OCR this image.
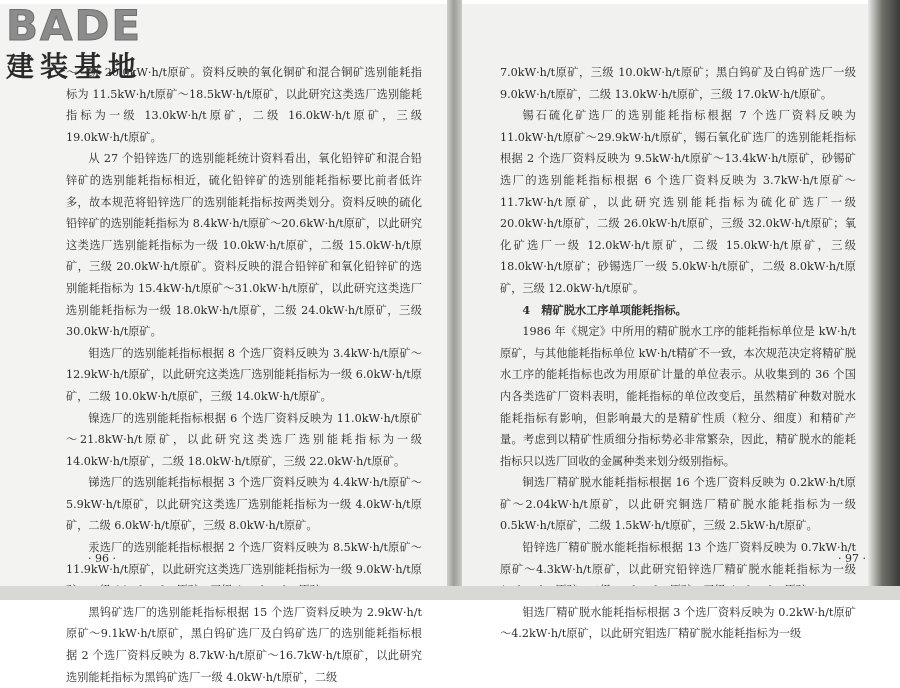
～三级 20.0kW·h/t原矿。资料反映的氧化铜矿和混合铜矿选别能耗指标为 11.5kW·h/t原矿～18.5kW·h/t原矿，以此研究这类选厂选别能耗指标为一级 13.0kW·h/t原矿，二级 16.0kW·h/t原矿，三级 19.0kW·h/t原矿。

从 27 个铅锌选厂的选别能耗统计资料看出，氧化铅锌矿和混合铅锌矿的选别能耗指标相近，硫化铅锌矿的选别能耗指标要比前者低许多，故本规范将铅锌选厂的选别能耗指标按两类划分。资料反映的硫化铅锌矿的选别能耗指标为 8.4kW·h/t原矿～20.6kW·h/t原矿，以此研究这类选厂选别能耗指标为一级 10.0kW·h/t原矿，二级 15.0kW·h/t原矿，三级 20.0kW·h/t原矿。资料反映的混合铅锌矿和氧化铅锌矿的选别能耗指标为 15.4kW·h/t原矿～31.0kW·h/t原矿，以此研究这类选厂选别能耗指标为一级 18.0kW·h/t原矿，二级 24.0kW·h/t原矿，三级 30.0kW·h/t原矿。

钼选厂的选别能耗指标根据 8 个选厂资料反映为 3.4kW·h/t原矿～12.9kW·h/t原矿，以此研究这类选厂选别能耗指标为一级 6.0kW·h/t原矿，二级 10.0kW·h/t原矿，三级 14.0kW·h/t原矿。

镍选厂的选别能耗指标根据 6 个选厂资料反映为 11.0kW·h/t原矿～21.8kW·h/t原矿，以此研究这类选厂选别能耗指标为一级 14.0kW·h/t原矿，二级 18.0kW·h/t原矿，三级 22.0kW·h/t原矿。

锑选厂的选别能耗指标根据 3 个选厂资料反映为 4.4kW·h/t原矿～5.9kW·h/t原矿，以此研究这类选厂选别能耗指标为一级 4.0kW·h/t原矿，二级 6.0kW·h/t原矿，三级 8.0kW·h/t原矿。

汞选厂的选别能耗指标根据 2 个选厂资料反映为 8.5kW·h/t原矿～11.9kW·h/t原矿，以此研究这类选厂选别能耗指标为一级 9.0kW·h/t原

黑钨矿选厂的选别能耗指标根据 15 个选厂资料反映为 2.9kW·h/t原矿～9.1kW·h/t原矿，黑白钨矿选厂及白钨矿选厂的选别能耗指标根据 2 个选厂资料反映为 8.7kW·h/t原矿～16.7kW·h/t原矿，以此研究选别能耗指标为黑钨矿选厂一级 4.0kW·h/t原矿，二级

· 96 ·

7.0kW·h/t原矿，三级 10.0kW·h/t原矿；黑白钨矿及白钨矿选厂一级 9.0kW·h/t原矿，二级 13.0kW·h/t原矿，三级 17.0kW·h/t原矿。

锡石硫化矿选厂的选别能耗指标根据 7 个选厂资料反映为 11.0kW·h/t原矿～29.9kW·h/t原矿，锡石氧化矿选厂的选别能耗指标根据 2 个选厂资料反映为 9.5kW·h/t原矿～13.4kW·h/t原矿，砂锡矿选厂的选别能耗指标根据 6 个选厂资料反映为 3.7kW·h/t原矿～11.7kW·h/t原矿，以此研究选别能耗指标为硫化矿选厂一级 20.0kW·h/t原矿，二级 26.0kW·h/t原矿，三级 32.0kW·h/t原矿；氧化矿选厂一级 12.0kW·h/t原矿，二级 15.0kW·h/t原矿，三级 18.0kW·h/t原矿；砂锡选厂一级 5.0kW·h/t原矿，二级 8.0kW·h/t原矿，三级 12.0kW·h/t原矿。

4　精矿脱水工序单项能耗指标。

1986 年《规定》中所用的精矿脱水工序的能耗指标单位是 kW·h/t原矿，与其他能耗指标单位 kW·h/t精矿不一致，本次规范决定将精矿脱水工序的能耗指标也改为用原矿计量的单位表示。从收集到的 36 个国内各类选矿厂资料表明，能耗指标的单位改变后，虽然精矿种数对脱水能耗指标有影响，但影响最大的是精矿性质（粒分、细度）和精矿产量。考虑到以精矿性质细分指标势必非常繁杂，因此，精矿脱水的能耗指标只以选厂回收的金属种类来划分级别指标。

铜选厂精矿脱水能耗指标根据 16 个选厂资料反映为 0.2kW·h/t原矿～2.04kW·h/t原矿，以此研究铜选厂精矿脱水能耗指标为一级 0.5kW·h/t原矿，二级 1.5kW·h/t原矿，三级 2.5kW·h/t原矿。

铅锌选厂精矿脱水能耗指标根据 13 个选厂资料反映为 0.7kW·h/t原矿～4.3kW·h/t原矿，以此研究铅锌选厂精矿脱水能耗指标为一级

钼选厂精矿脱水能耗指标根据 3 个选厂资料反映为 0.2kW·h/t原矿～4.2kW·h/t原矿，以此研究钼选厂精矿脱水能耗指标为一级

· 97 ·
BADE
建装基地
